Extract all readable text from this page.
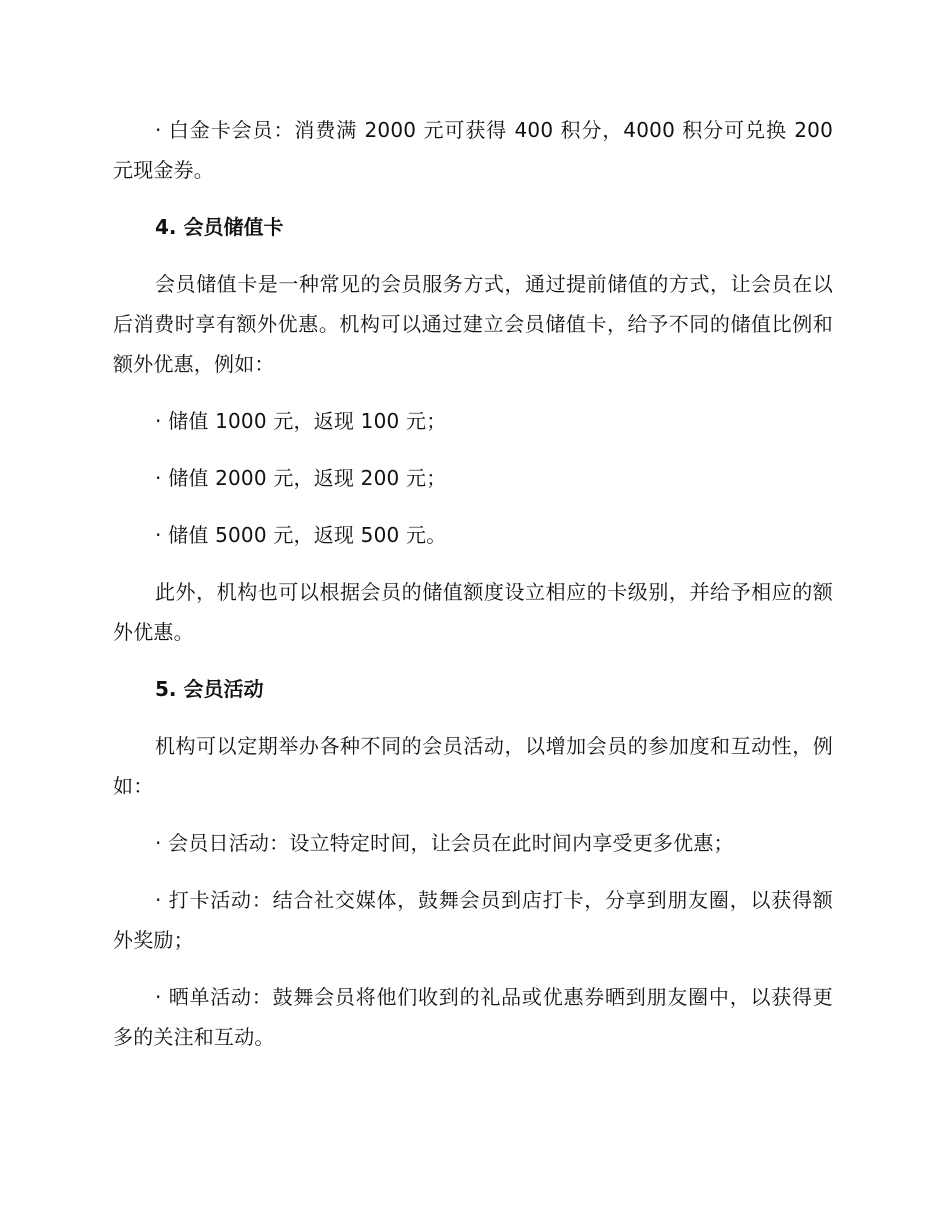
· 白金卡会员：消费满 2000 元可获得 400 积分，4000 积分可兑换 200 元现金券。

4. 会员储值卡

会员储值卡是一种常见的会员服务方式，通过提前储值的方式，让会员在以后消费时享有额外优惠。机构可以通过建立会员储值卡，给予不同的储值比例和额外优惠，例如：

· 储值 1000 元，返现 100 元；

· 储值 2000 元，返现 200 元；

· 储值 5000 元，返现 500 元。

此外，机构也可以根据会员的储值额度设立相应的卡级别，并给予相应的额外优惠。

5. 会员活动

机构可以定期举办各种不同的会员活动，以增加会员的参加度和互动性，例如：

· 会员日活动：设立特定时间，让会员在此时间内享受更多优惠；

· 打卡活动：结合社交媒体，鼓舞会员到店打卡，分享到朋友圈，以获得额外奖励；

· 晒单活动：鼓舞会员将他们收到的礼品或优惠券晒到朋友圈中，以获得更多的关注和互动。
